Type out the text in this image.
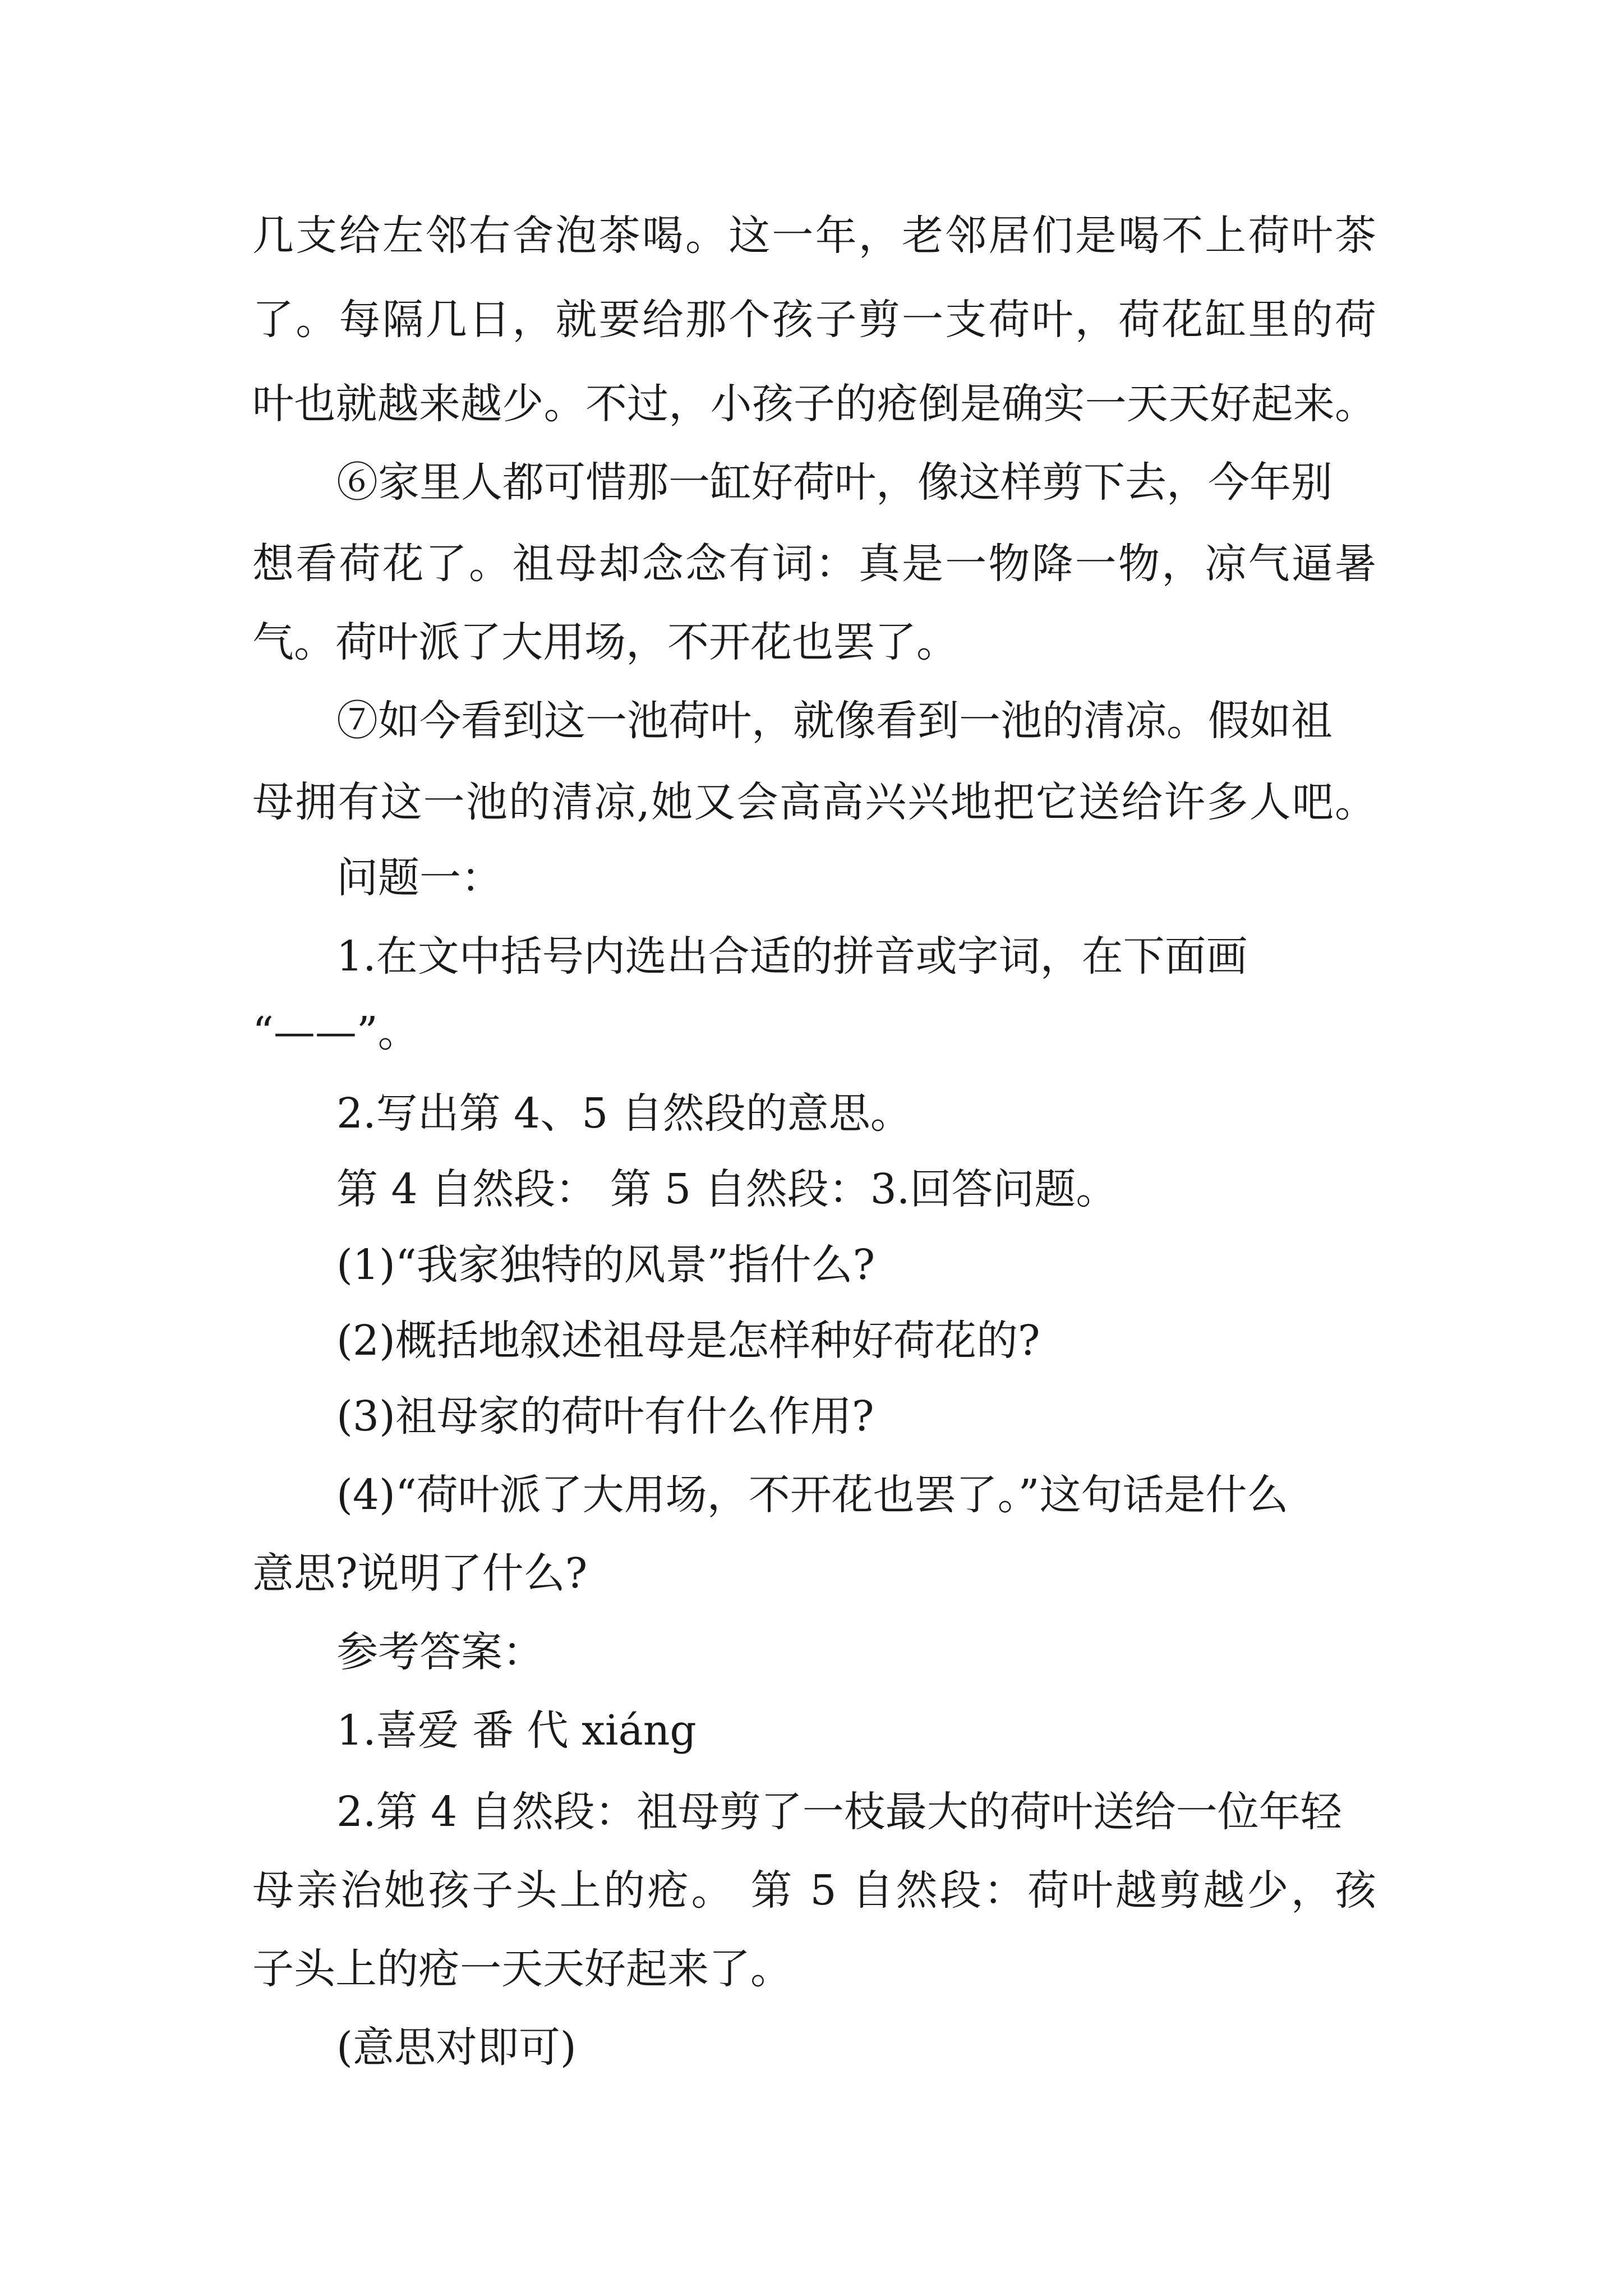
几支给左邻右舍泡茶喝。这一年，老邻居们是喝不上荷叶茶

了。每隔几日，就要给那个孩子剪一支荷叶，荷花缸里的荷

叶也就越来越少。不过，小孩子的疮倒是确实一天天好起来。

⑥家里人都可惜那一缸好荷叶，像这样剪下去，今年别

想看荷花了。祖母却念念有词：真是一物降一物，凉气逼暑

气。荷叶派了大用场，不开花也罢了。

⑦如今看到这一池荷叶，就像看到一池的清凉。假如祖

母拥有这一池的清凉,她又会高高兴兴地把它送给许多人吧。

问题一：

1.在文中括号内选出合适的拼音或字词，在下面画

“——”。

2.写出第 4、5 自然段的意思。

第 4 自然段： 第 5 自然段：3.回答问题。

(1)“我家独特的风景”指什么?

(2)概括地叙述祖母是怎样种好荷花的?

(3)祖母家的荷叶有什么作用?

(4)“荷叶派了大用场，不开花也罢了。”这句话是什么

意思?说明了什么?

参考答案：

1.喜爱 番 代 xiáng

2.第 4 自然段：祖母剪了一枝最大的荷叶送给一位年轻

母亲治她孩子头上的疮。 第 5 自然段：荷叶越剪越少，孩

子头上的疮一天天好起来了。

(意思对即可)
